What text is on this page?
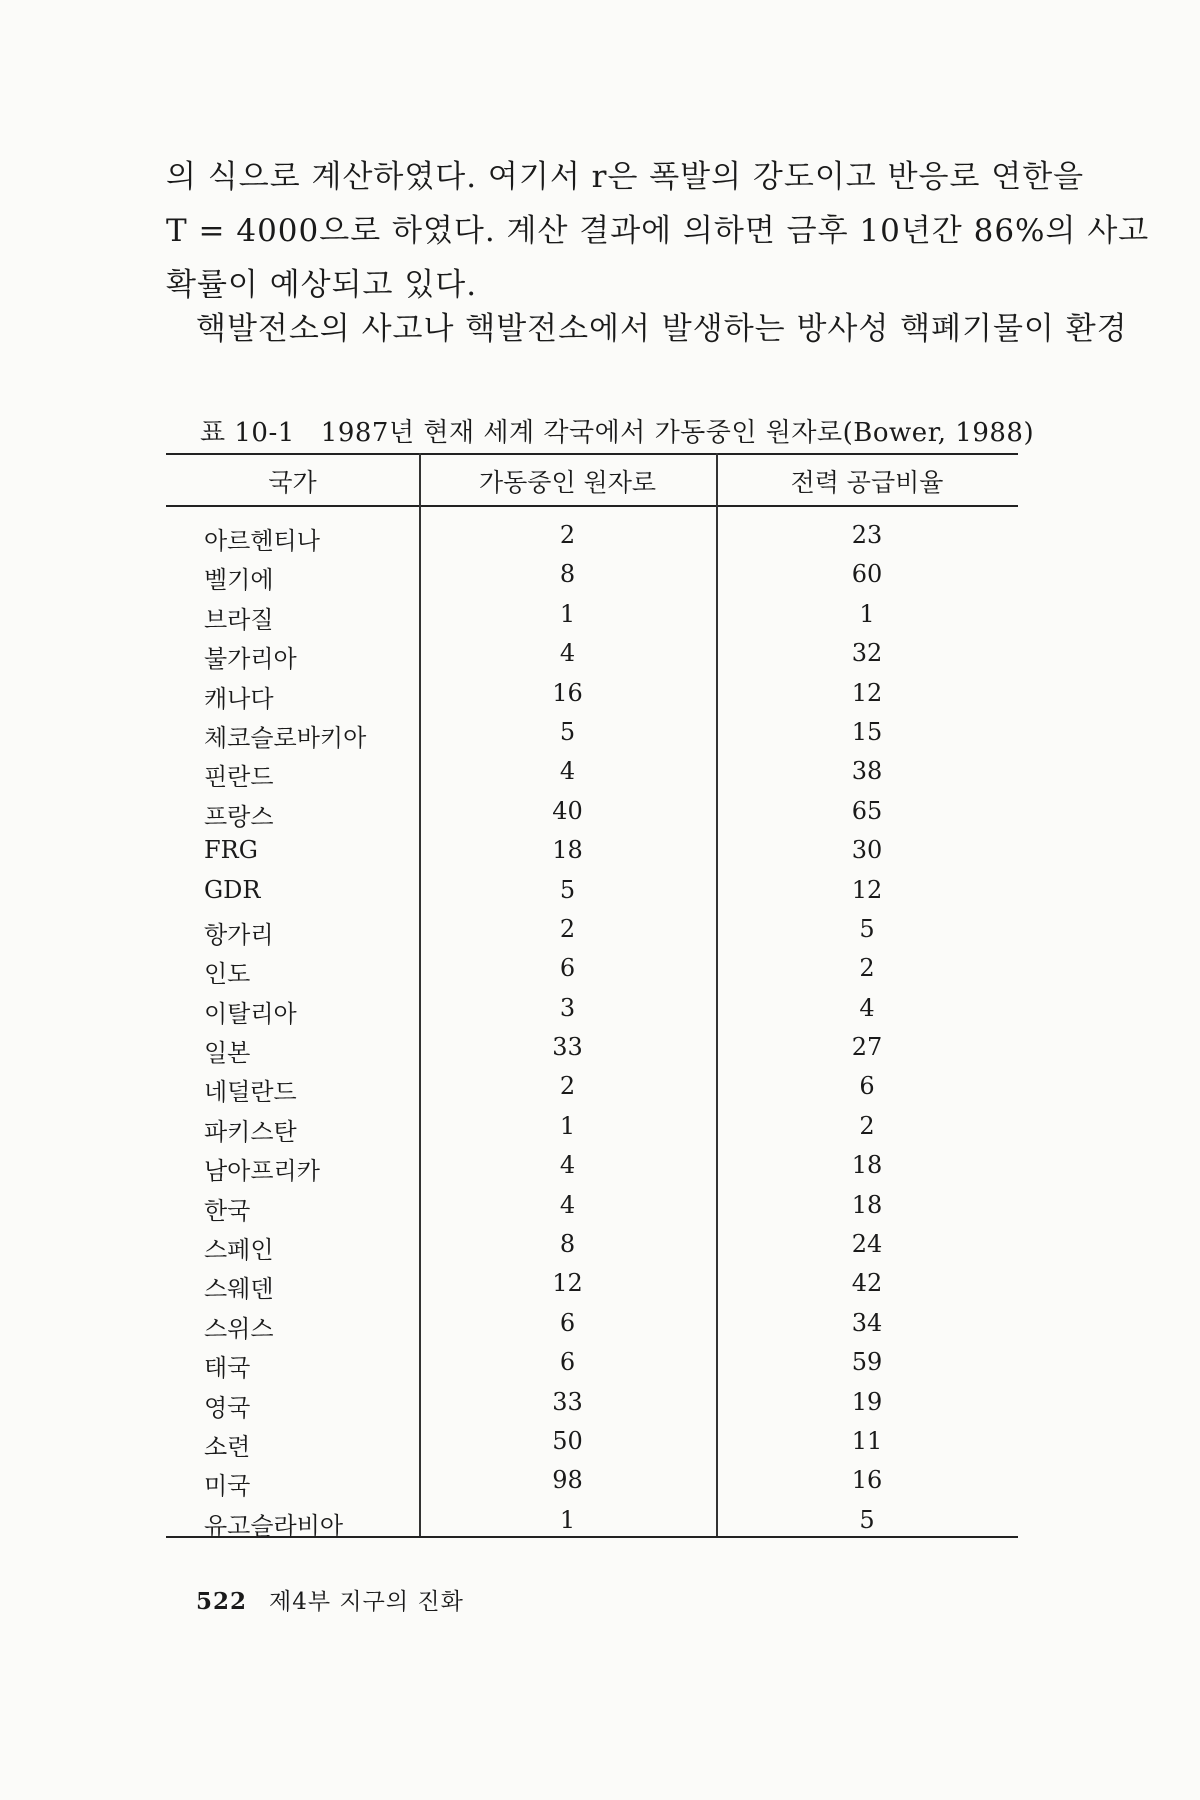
의 식으로 계산하였다. 여기서 r은 폭발의 강도이고 반응로 연한을
T = 4000으로 하였다. 계산 결과에 의하면 금후 10년간 86%의 사고
확률이 예상되고 있다.
핵발전소의 사고나 핵발전소에서 발생하는 방사성 핵폐기물이 환경
표 10-1 1987년 현재 세계 각국에서 가동중인 원자로(Bower, 1988)
국가	가동중인 원자로	전력 공급비율
아르헨티나	2	23
벨기에	8	60
브라질	1	1
불가리아	4	32
캐나다	16	12
체코슬로바키아	5	15
핀란드	4	38
프랑스	40	65
FRG	18	30
GDR	5	12
항가리	2	5
인도	6	2
이탈리아	3	4
일본	33	27
네덜란드	2	6
파키스탄	1	2
남아프리카	4	18
한국	4	18
스페인	8	24
스웨덴	12	42
스위스	6	34
태국	6	59
영국	33	19
소련	50	11
미국	98	16
유고슬라비아	1	5
522 제4부 지구의 진화
